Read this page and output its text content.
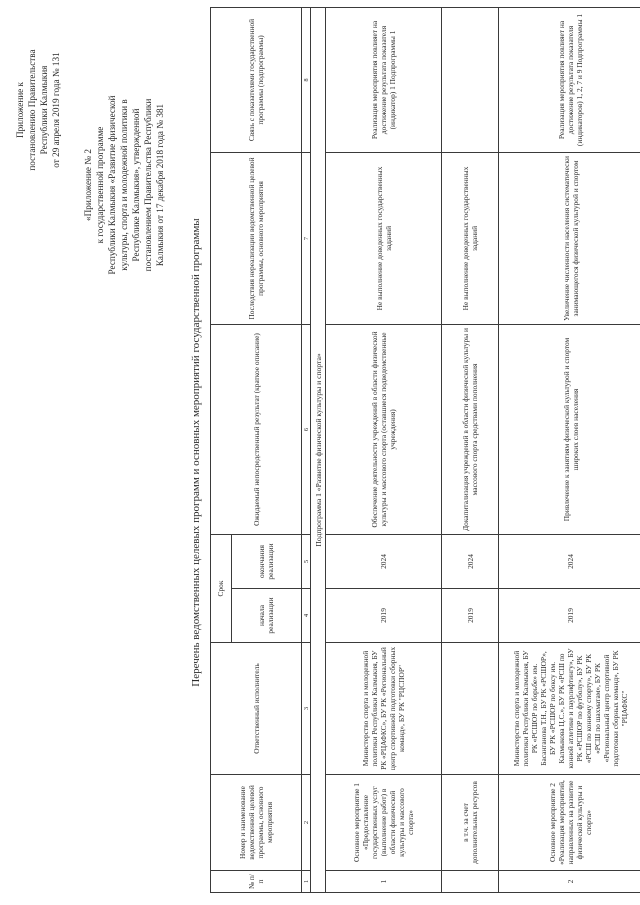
Приложение к постановлению Правительства Республики Калмыкия от 29 апреля 2019 года № 131
«Приложение № 2 к государственной программе Республики Калмыкия «Развитие физической культуры, спорта и молодежной политики в Республике Калмыкия», утвержденной постановлением Правительства Республики Калмыкия от 17 декабря 2018 года № 381
Перечень ведомственных целевых программ и основных мероприятий государственной программы
№ п/п	Номер и наименование ведомственной целевой программы, основного мероприятия	Ответственный исполнитель	Срок		Ожидаемый непосредственный результат (краткое описание)	Последствия нереализации ведомственной целевой программы, основного мероприятия	Связь с показателями государственной программы (подпрограммы)
			начала реализации	окончания реализации			
1	2	3	4	5	6	7	8
Подпрограмма 1 «Развитие физической культуры и спорта»							
1	Основное мероприятие 1 «Предоставление государственных услуг (выполнение работ) в области физической культуры и массового спорта»	Министерство спорта и молодежной политики Республики Калмыкия, БУ РК «РЦАФКС», БУ РК «Региональный центр спортивной подготовки сборных команд», БУ РК "РЦСПОР"	2019	2024	Обеспечение деятельности учреждений в области физической культуры и массового спорта (оставшиеся подведомственные учреждения)	Не выполнение доведенных государственных заданий	Реализация мероприятия повлияет на достижение результата показателя (индикатор) 1 Подпрограммы 1
	в т.ч. за счет дополнительных ресурсов		2019	2024	Докапитализация учреждений в области физической культуры и массового спорта средствами пополнения	Не выполнение доведенных государственных заданий	
2	Основное мероприятие 2 «Реализация мероприятий, направленных на развитие физической культуры и спорта»	Министерство спорта и молодежной политики Республики Калмыкия, БУ РК «РСШОР по борьбе» им. Басанганова Т.Н., БУ РК «РСШОР», БУ РК «РСШОР по боксу им. Калмыкова Ц.С.», БУ РК «РСШ по конной атлетике и паурлифтингу», БУ РК «РСШОР по футболу», БУ РК «РСШ по конному спорту», БУ РК «РСШ по шахматам», БУ РК «Региональный центр спортивной подготовки сборных команд», БУ РК "РЦАФКС"	2019	2024	Привлечение к занятиям физической культурой и спортом широких слоев населения	Увеличение численности населения систематически занимающегося физической культурой и спортом	Реализация мероприятия повлияет на достижение результата показателя (индикаторов) 1, 2, 7 и 9 Подпрограммы 1
